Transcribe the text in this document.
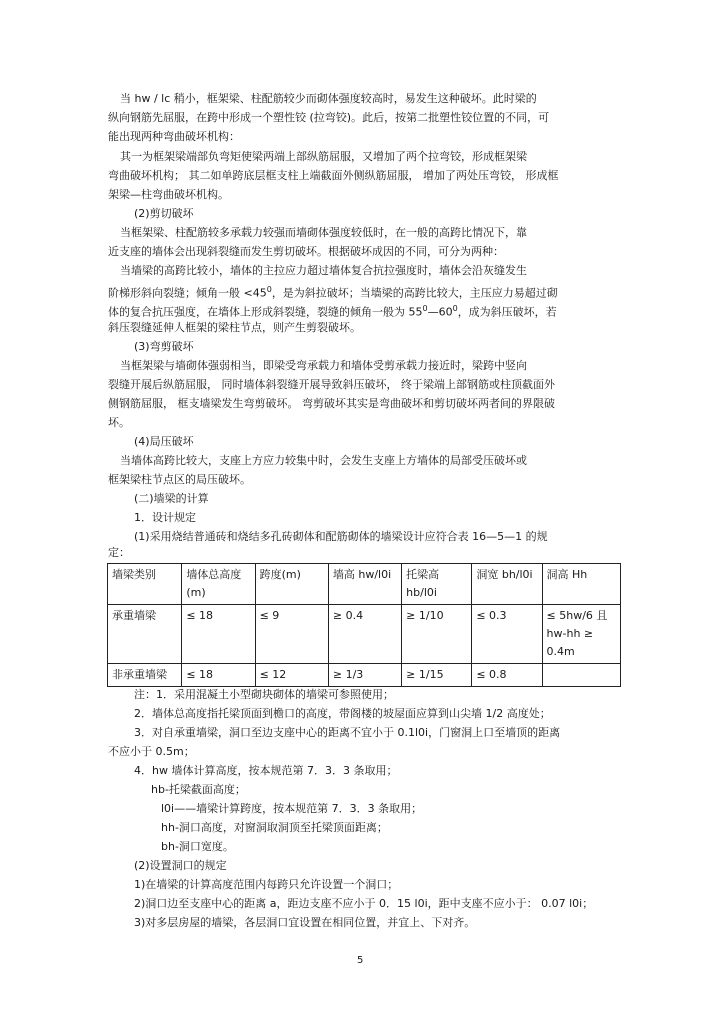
当 hw / lc 稍小，框架梁、柱配筋较少而砌体强度较高时，易发生这种破坏。此时梁的
纵向钢筋先屈服，在跨中形成一个塑性铰 (拉弯铰)。此后，按第二批塑性铰位置的不同，可
能出现两种弯曲破坏机构：
其一为框架梁端部负弯矩使梁两端上部纵筋屈服，又增加了两个拉弯铰，形成框架梁
弯曲破坏机构； 其二如单跨底层框支柱上端截面外侧纵筋屈服， 增加了两处压弯铰， 形成框
架梁—柱弯曲破坏机构。
(2)剪切破坏
当框架梁、柱配筋较多承载力较强而墙砌体强度较低时，在一般的高跨比情况下，靠
近支座的墙体会出现斜裂缝而发生剪切破坏。根据破坏成因的不同，可分为两种：
当墙梁的高跨比较小，墙体的主拉应力超过墙体复合抗拉强度时，墙体会沿灰缝发生
阶梯形斜向裂缝；倾角一般 $<45^0$，是为斜拉破坏；当墙梁的高跨比较大，主压应力易超过砌
体的复合抗压强度，在墙体上形成斜裂缝，裂缝的倾角一般为 $55^0—60^0$，成为斜压破坏，若
斜压裂缝延伸人框架的梁柱节点，则产生剪裂破坏。
(3)弯剪破坏
当框架梁与墙砌体强弱相当，即梁受弯承载力和墙体受剪承载力接近时，梁跨中竖向
裂缝开展后纵筋屈服， 同时墙体斜裂缝开展导致斜压破坏， 终于梁端上部钢筋或柱顶截面外
侧钢筋屈服， 框支墙梁发生弯剪破坏。 弯剪破坏其实是弯曲破坏和剪切破坏两者间的界限破
坏。
(4)局压破坏
当墙体高跨比较大，支座上方应力较集中时，会发生支座上方墙体的局部受压破坏或
框架梁柱节点区的局压破坏。
(二)墙梁的计算
1．设计规定
(1)采用烧结普通砖和烧结多孔砖砌体和配筋砌体的墙梁设计应符合表 16—5—1 的规
定：
墙梁类别	墙体总高度(m)	跨度(m)	墙高 hw/l0i	托梁高 hb/l0i	洞宽 bh/l0i	洞高 Hh
承重墙梁	≤ 18	≤ 9	≥ 0.4	≥ 1/10	≤ 0.3	≤ 5hw/6 且 hw-hh ≥ 0.4m
非承重墙梁	≤ 18	≤ 12	≥ 1/3	≥ 1/15	≤ 0.8	
注：1．采用混凝土小型砌块砌体的墙梁可参照使用；
2．墙体总高度指托梁顶面到檐口的高度，带阁楼的坡屋面应算到山尖墙 1/2 高度处；
3．对自承重墙梁，洞口至边支座中心的距离不宜小于 0.1l0i，门窗洞上口至墙顶的距离
不应小于 0.5m；
4．hw 墙体计算高度，按本规范第 7．3．3 条取用；
hb-托梁截面高度；
l0i——墙梁计算跨度，按本规范第 7．3．3 条取用；
hh-洞口高度，对窗洞取洞顶至托梁顶面距离；
bh-洞口宽度。
(2)设置洞口的规定
1)在墙梁的计算高度范围内每跨只允许设置一个洞口；
2)洞口边至支座中心的距离 a，距边支座不应小于 0．15 l0i，距中支座不应小于： 0.07 l0i；
3)对多层房屋的墙梁，各层洞口宜设置在相同位置，并宜上、下对齐。
5
